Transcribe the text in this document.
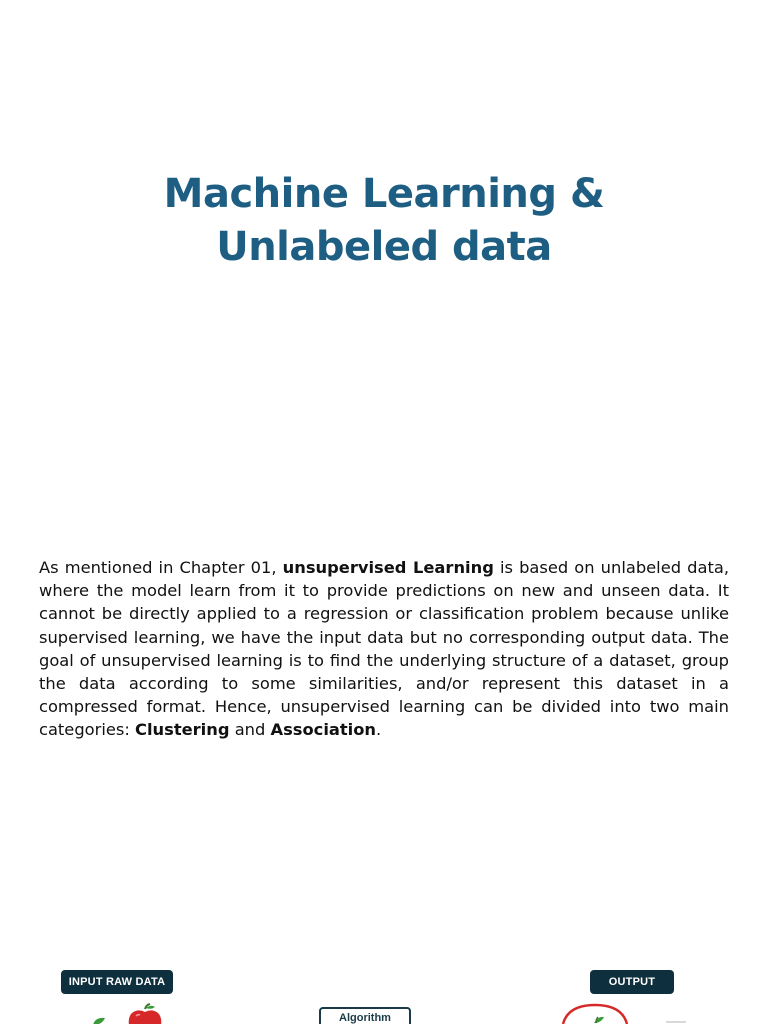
Machine Learning &
Unlabeled data

As mentioned in Chapter 01, unsupervised Learning is based on unlabeled data, where the model learn from it to provide predictions on new and unseen data. It cannot be directly applied to a regression or classification problem because unlike supervised learning, we have the input data but no corresponding output data. The goal of unsupervised learning is to find the underlying structure of a dataset, group the data according to some similarities, and/or represent this dataset in a compressed format. Hence, unsupervised learning can be divided into two main categories: Clustering and Association.

INPUT RAW DATA	OUTPUT
Algorithm
